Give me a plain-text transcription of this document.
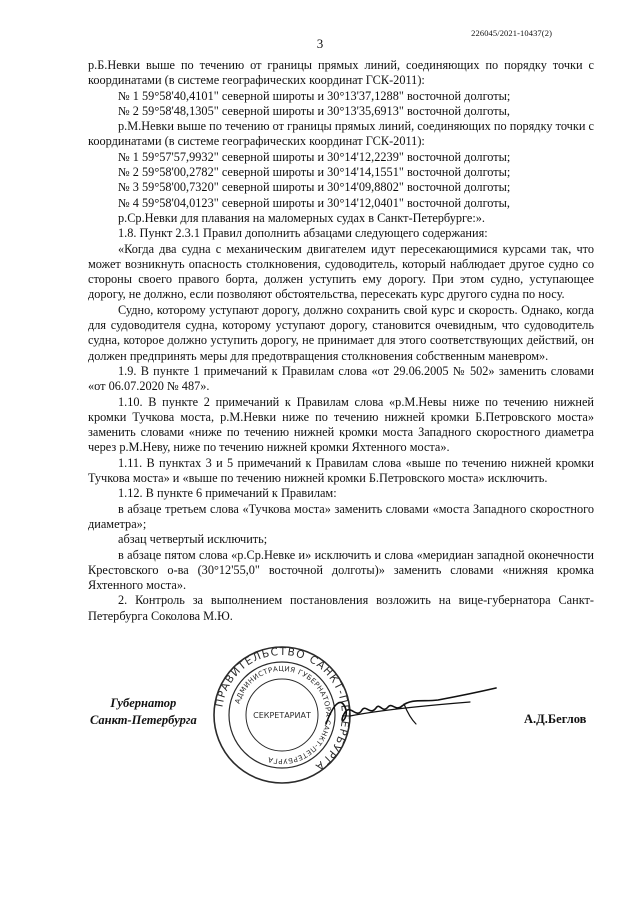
226045/2021-10437(2)
3

р.Б.Невки выше по течению от границы прямых линий, соединяющих по порядку точки с координатами (в системе географических координат ГСК-2011):

№ 1 59°58'40,4101" северной широты и 30°13'37,1288" восточной долготы;

№ 2 59°58'48,1305" северной широты и 30°13'35,6913" восточной долготы,

р.М.Невки выше по течению от границы прямых линий, соединяющих по порядку точки с координатами (в системе географических координат ГСК-2011):

№ 1 59°57'57,9932" северной широты и 30°14'12,2239" восточной долготы;

№ 2 59°58'00,2782" северной широты и 30°14'14,1551" восточной долготы;

№ 3 59°58'00,7320" северной широты и 30°14'09,8802" восточной долготы;

№ 4 59°58'04,0123" северной широты и 30°14'12,0401" восточной долготы,

р.Ср.Невки для плавания на маломерных судах в Санкт-Петербурге:».

1.8. Пункт 2.3.1 Правил дополнить абзацами следующего содержания:

«Когда два судна с механическим двигателем идут пересекающимися курсами так, что может возникнуть опасность столкновения, судоводитель, который наблюдает другое судно со стороны своего правого борта, должен уступить ему дорогу. При этом судно, уступающее дорогу, не должно, если позволяют обстоятельства, пересекать курс другого судна по носу.

Судно, которому уступают дорогу, должно сохранить свой курс и скорость. Однако, когда для судоводителя судна, которому уступают дорогу, становится очевидным, что судоводитель судна, которое должно уступить дорогу, не принимает для этого соответствующих действий, он должен предпринять меры для предотвращения столкновения собственным маневром».

1.9. В пункте 1 примечаний к Правилам слова «от 29.06.2005 № 502» заменить словами «от 06.07.2020 № 487».

1.10. В пункте 2 примечаний к Правилам слова «р.М.Невы ниже по течению нижней кромки Тучкова моста, р.М.Невки ниже по течению нижней кромки Б.Петровского моста» заменить словами «ниже по течению нижней кромки моста Западного скоростного диаметра через р.М.Неву, ниже по течению нижней кромки Яхтенного моста».

1.11. В пунктах 3 и 5 примечаний к Правилам слова «выше по течению нижней кромки Тучкова моста» и «выше по течению нижней кромки Б.Петровского моста» исключить.

1.12. В пункте 6 примечаний к Правилам:

в абзаце третьем слова «Тучкова моста» заменить словами «моста Западного скоростного диаметра»;

абзац четвертый исключить;

в абзаце пятом слова «р.Ср.Невке и» исключить и слова «меридиан западной оконечности Крестовского о-ва (30°12'55,0" восточной долготы)» заменить словами «нижняя кромка Яхтенного моста».

2. Контроль за выполнением постановления возложить на вице-губернатора Санкт-Петербурга Соколова М.Ю.

Губернатор
Санкт-Петербурга
ПРАВИТЕЛЬСТВО САНКТ-ПЕТЕРБУРГА
АДМИНИСТРАЦИЯ ГУБЕРНАТОРА САНКТ-ПЕТЕРБУРГА
СЕКРЕТАРИАТ	А.Д.Беглов
